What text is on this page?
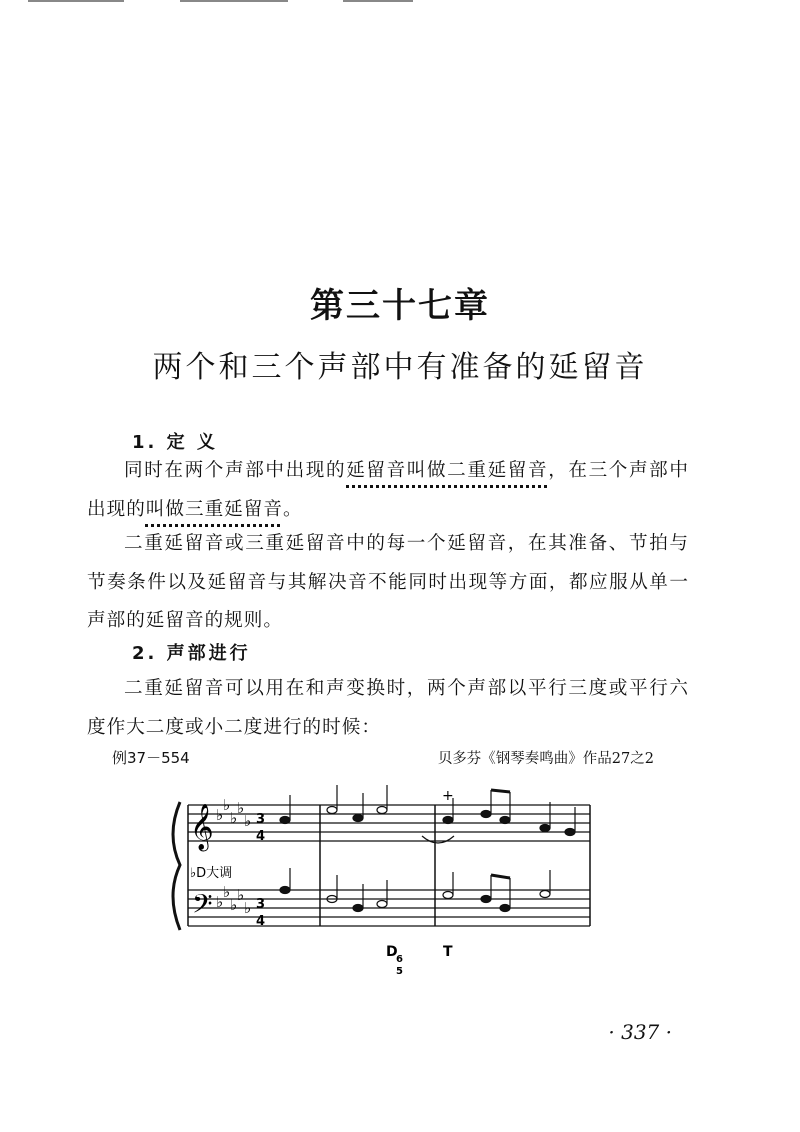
第三十七章
两个和三个声部中有准备的延留音
1. 定 义
同时在两个声部中出现的延留音叫做二重延留音，在三个声部中出现的叫做三重延留音。
二重延留音或三重延留音中的每一个延留音，在其准备、节拍与节奏条件以及延留音与其解决音不能同时出现等方面，都应服从单一声部的延留音的规则。
2. 声部进行
二重延留音可以用在和声变换时，两个声部以平行三度或平行六度作大二度或小二度进行的时候：
例37－554	贝多芬《钢琴奏鸣曲》作品27之2
𝄞
𝄢
♭
♭
♭
♭
♭
♭
♭
♭
♭
♭
3
4
3
4
♭D大调
+
D
6
5
T
· 337 ·
